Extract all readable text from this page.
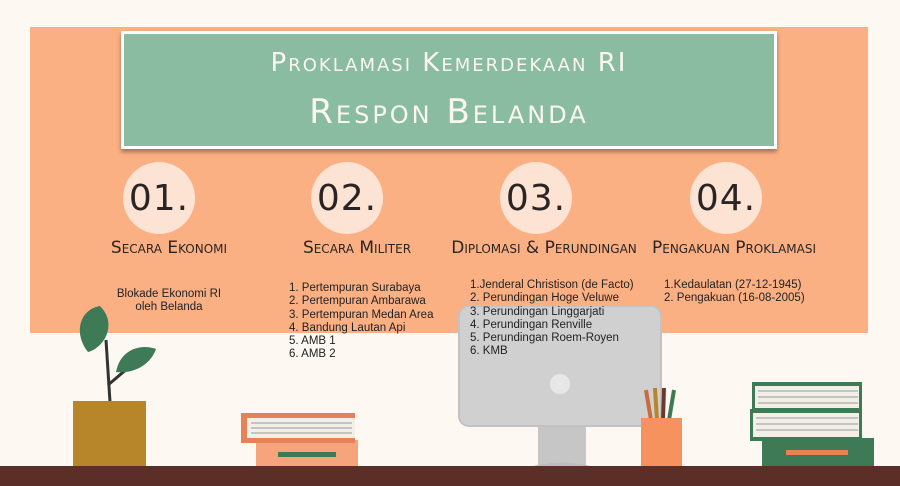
Proklamasi Kemerdekaan RI
Respon Belanda
01.
Secara Ekonomi
Blokade Ekonomi RI
oleh Belanda
02.
Secara Militer
1. Pertempuran Surabaya
2. Pertempuran Ambarawa
3. Pertempuran Medan Area
4. Bandung Lautan Api
5. AMB 1
6. AMB 2
03.
Diplomasi & Perundingan
1.Jenderal Christison (de Facto)
2. Perundingan Hoge Veluwe
3. Perundingan Linggarjati
4. Perundingan Renville
5. Perundingan Roem-Royen
6. KMB
04.
Pengakuan Proklamasi
1.Kedaulatan (27-12-1945)
2. Pengakuan (16-08-2005)
